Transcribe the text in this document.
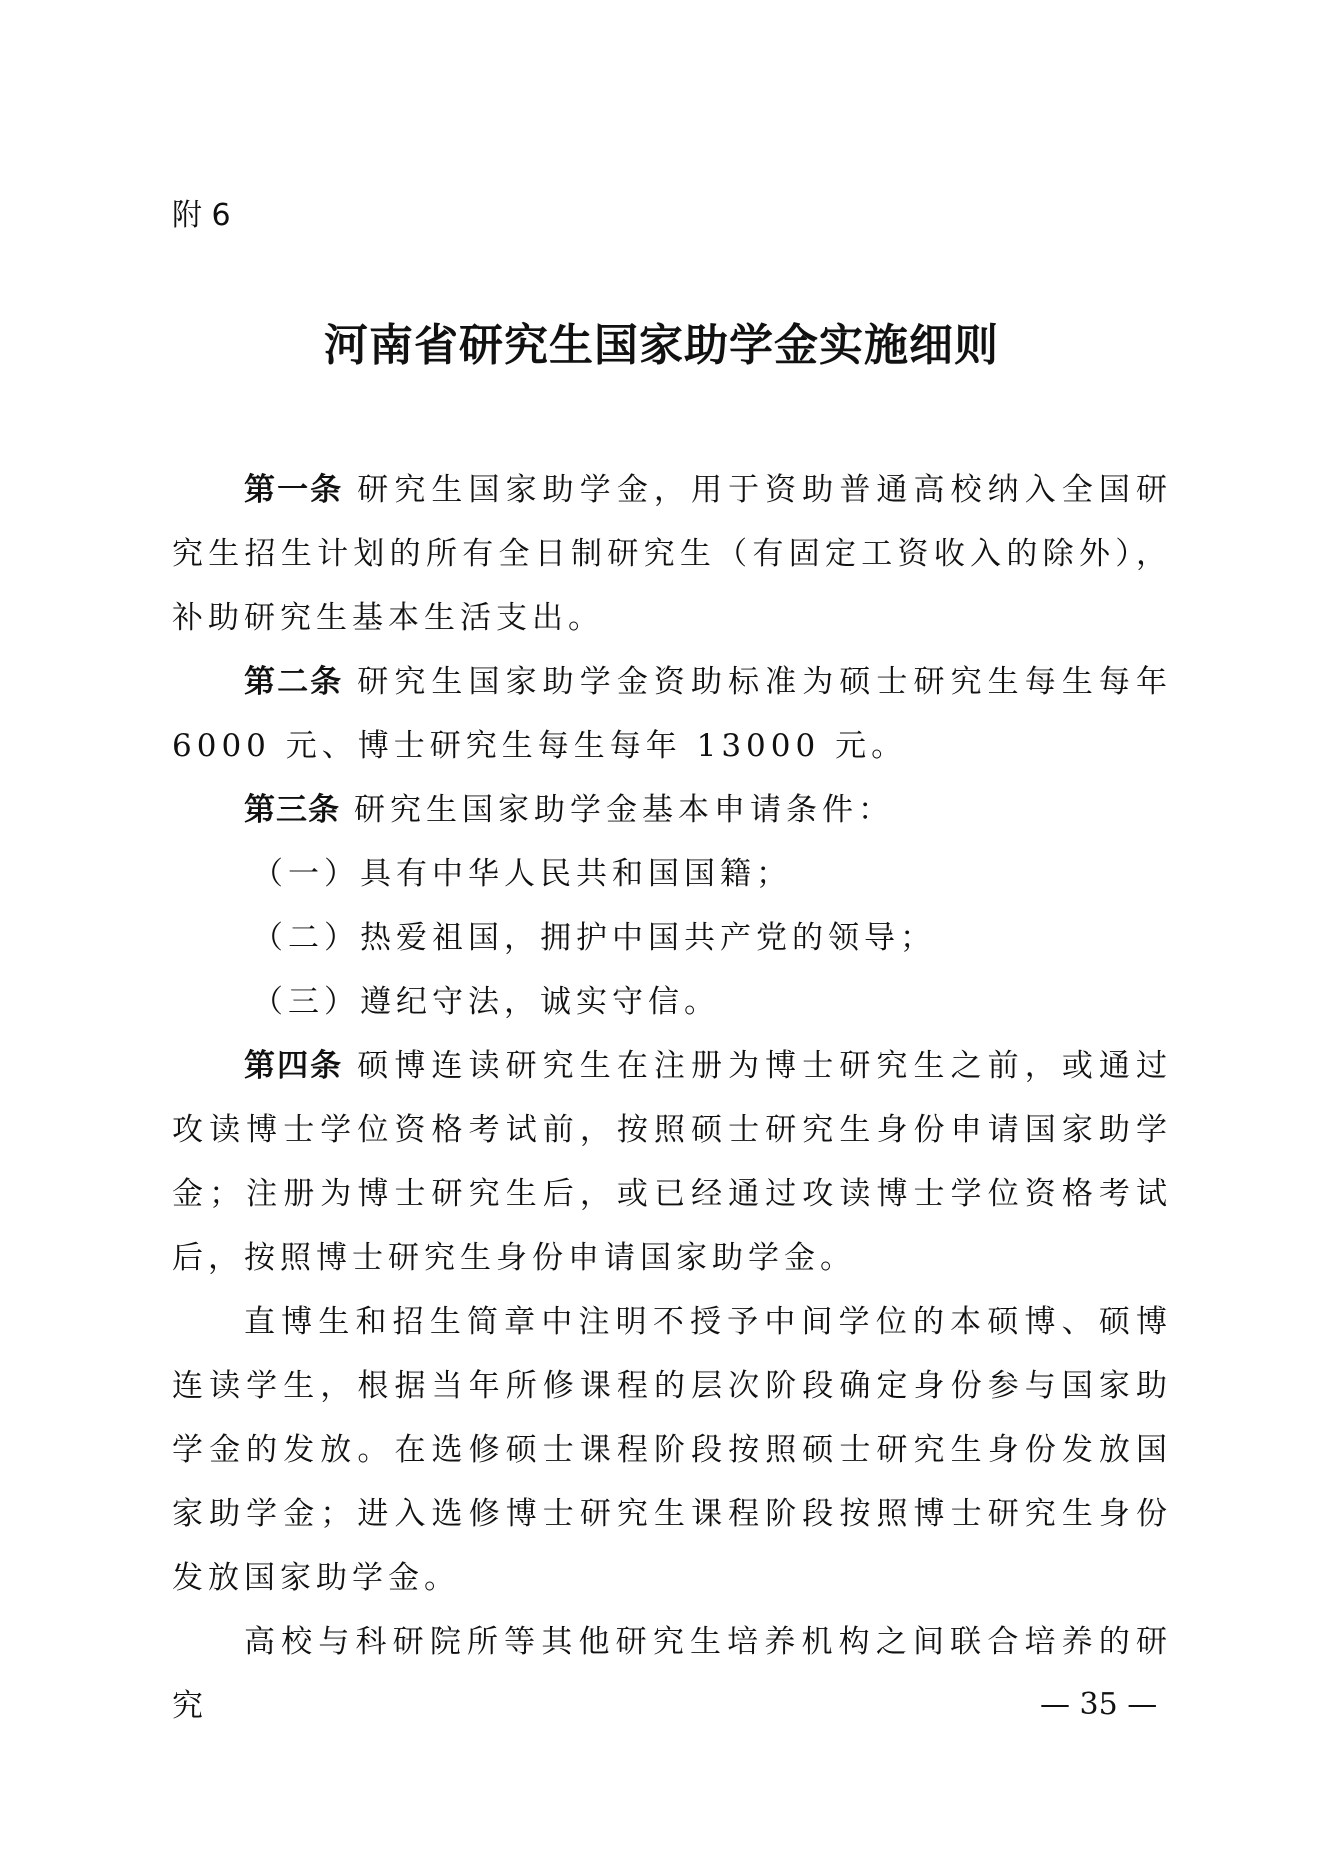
附 6
河南省研究生国家助学金实施细则

第一条 研究生国家助学金，用于资助普通高校纳入全国研究生招生计划的所有全日制研究生（有固定工资收入的除外），补助研究生基本生活支出。

第二条 研究生国家助学金资助标准为硕士研究生每生每年6000 元、博士研究生每生每年 13000 元。

第三条 研究生国家助学金基本申请条件：

（一）具有中华人民共和国国籍；

（二）热爱祖国，拥护中国共产党的领导；

（三）遵纪守法，诚实守信。

第四条 硕博连读研究生在注册为博士研究生之前，或通过攻读博士学位资格考试前，按照硕士研究生身份申请国家助学金；注册为博士研究生后，或已经通过攻读博士学位资格考试后，按照博士研究生身份申请国家助学金。

直博生和招生简章中注明不授予中间学位的本硕博、硕博连读学生，根据当年所修课程的层次阶段确定身份参与国家助学金的发放。在选修硕士课程阶段按照硕士研究生身份发放国家助学金；进入选修博士研究生课程阶段按照博士研究生身份发放国家助学金。

高校与科研院所等其他研究生培养机构之间联合培养的研究	— 35 —
